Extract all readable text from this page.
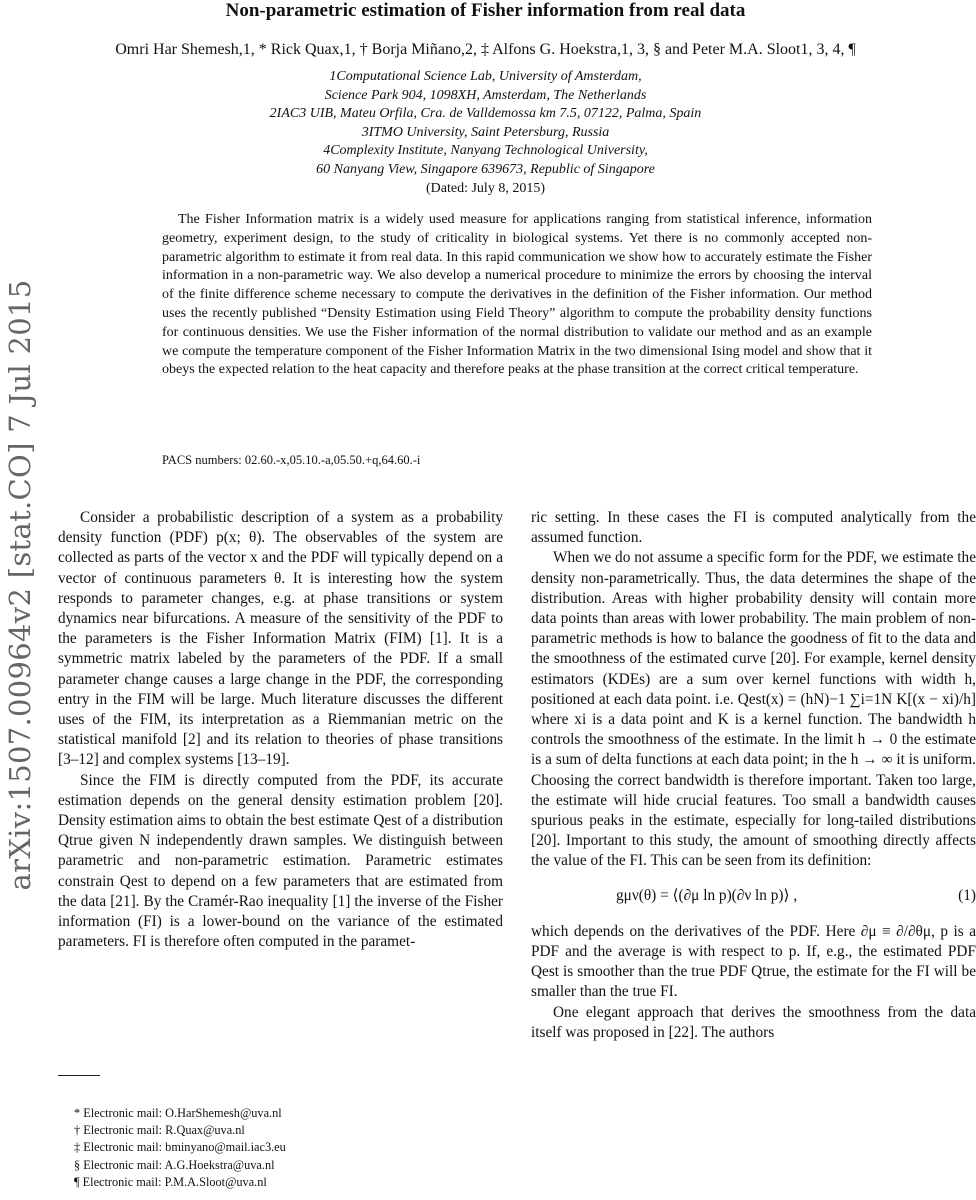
arXiv:1507.00964v2 [stat.CO] 7 Jul 2015
Non-parametric estimation of Fisher information from real data
Omri Har Shemesh,1, * Rick Quax,1, † Borja Miñano,2, ‡ Alfons G. Hoekstra,1, 3, § and Peter M.A. Sloot1, 3, 4, ¶
1Computational Science Lab, University of Amsterdam,
Science Park 904, 1098XH, Amsterdam, The Netherlands
2IAC3 UIB, Mateu Orfila, Cra. de Valldemossa km 7.5, 07122, Palma, Spain
3ITMO University, Saint Petersburg, Russia
4Complexity Institute, Nanyang Technological University,
60 Nanyang View, Singapore 639673, Republic of Singapore
(Dated: July 8, 2015)

The Fisher Information matrix is a widely used measure for applications ranging from statistical inference, information geometry, experiment design, to the study of criticality in biological systems. Yet there is no commonly accepted non-parametric algorithm to estimate it from real data. In this rapid communication we show how to accurately estimate the Fisher information in a non-parametric way. We also develop a numerical procedure to minimize the errors by choosing the interval of the finite difference scheme necessary to compute the derivatives in the definition of the Fisher information. Our method uses the recently published “Density Estimation using Field Theory” algorithm to compute the probability density functions for continuous densities. We use the Fisher information of the normal distribution to validate our method and as an example we compute the temperature component of the Fisher Information Matrix in the two dimensional Ising model and show that it obeys the expected relation to the heat capacity and therefore peaks at the phase transition at the correct critical temperature.

PACS numbers: 02.60.-x,05.10.-a,05.50.+q,64.60.-i

Consider a probabilistic description of a system as a probability density function (PDF) p(x; θ). The observables of the system are collected as parts of the vector x and the PDF will typically depend on a vector of continuous parameters θ. It is interesting how the system responds to parameter changes, e.g. at phase transitions or system dynamics near bifurcations. A measure of the sensitivity of the PDF to the parameters is the Fisher Information Matrix (FIM) [1]. It is a symmetric matrix labeled by the parameters of the PDF. If a small parameter change causes a large change in the PDF, the corresponding entry in the FIM will be large. Much literature discusses the different uses of the FIM, its interpretation as a Riemmanian metric on the statistical manifold [2] and its relation to theories of phase transitions [3–12] and complex systems [13–19].

Since the FIM is directly computed from the PDF, its accurate estimation depends on the general density estimation problem [20]. Density estimation aims to obtain the best estimate Qest of a distribution Qtrue given N independently drawn samples. We distinguish between parametric and non-parametric estimation. Parametric estimates constrain Qest to depend on a few parameters that are estimated from the data [21]. By the Cramér-Rao inequality [1] the inverse of the Fisher information (FI) is a lower-bound on the variance of the estimated parameters. FI is therefore often computed in the paramet-

ric setting. In these cases the FI is computed analytically from the assumed function.

When we do not assume a specific form for the PDF, we estimate the density non-parametrically. Thus, the data determines the shape of the distribution. Areas with higher probability density will contain more data points than areas with lower probability. The main problem of non-parametric methods is how to balance the goodness of fit to the data and the smoothness of the estimated curve [20]. For example, kernel density estimators (KDEs) are a sum over kernel functions with width h, positioned at each data point. i.e. Qest(x) = (hN)−1 ∑i=1N K[(x − xi)/h] where xi is a data point and K is a kernel function. The bandwidth h controls the smoothness of the estimate. In the limit h → 0 the estimate is a sum of delta functions at each data point; in the h → ∞ it is uniform. Choosing the correct bandwidth is therefore important. Taken too large, the estimate will hide crucial features. Too small a bandwidth causes spurious peaks in the estimate, especially for long-tailed distributions [20]. Important to this study, the amount of smoothing directly affects the value of the FI. This can be seen from its definition:

gμν(θ) = ⟨(∂μ ln p)(∂ν ln p)⟩ ,	(1)

which depends on the derivatives of the PDF. Here ∂μ ≡ ∂/∂θμ, p is a PDF and the average is with respect to p. If, e.g., the estimated PDF Qest is smoother than the true PDF Qtrue, the estimate for the FI will be smaller than the true FI.

One elegant approach that derives the smoothness from the data itself was proposed in [22]. The authors

* Electronic mail: O.HarShemesh@uva.nl
† Electronic mail: R.Quax@uva.nl
‡ Electronic mail: bminyano@mail.iac3.eu
§ Electronic mail: A.G.Hoekstra@uva.nl
¶ Electronic mail: P.M.A.Sloot@uva.nl
